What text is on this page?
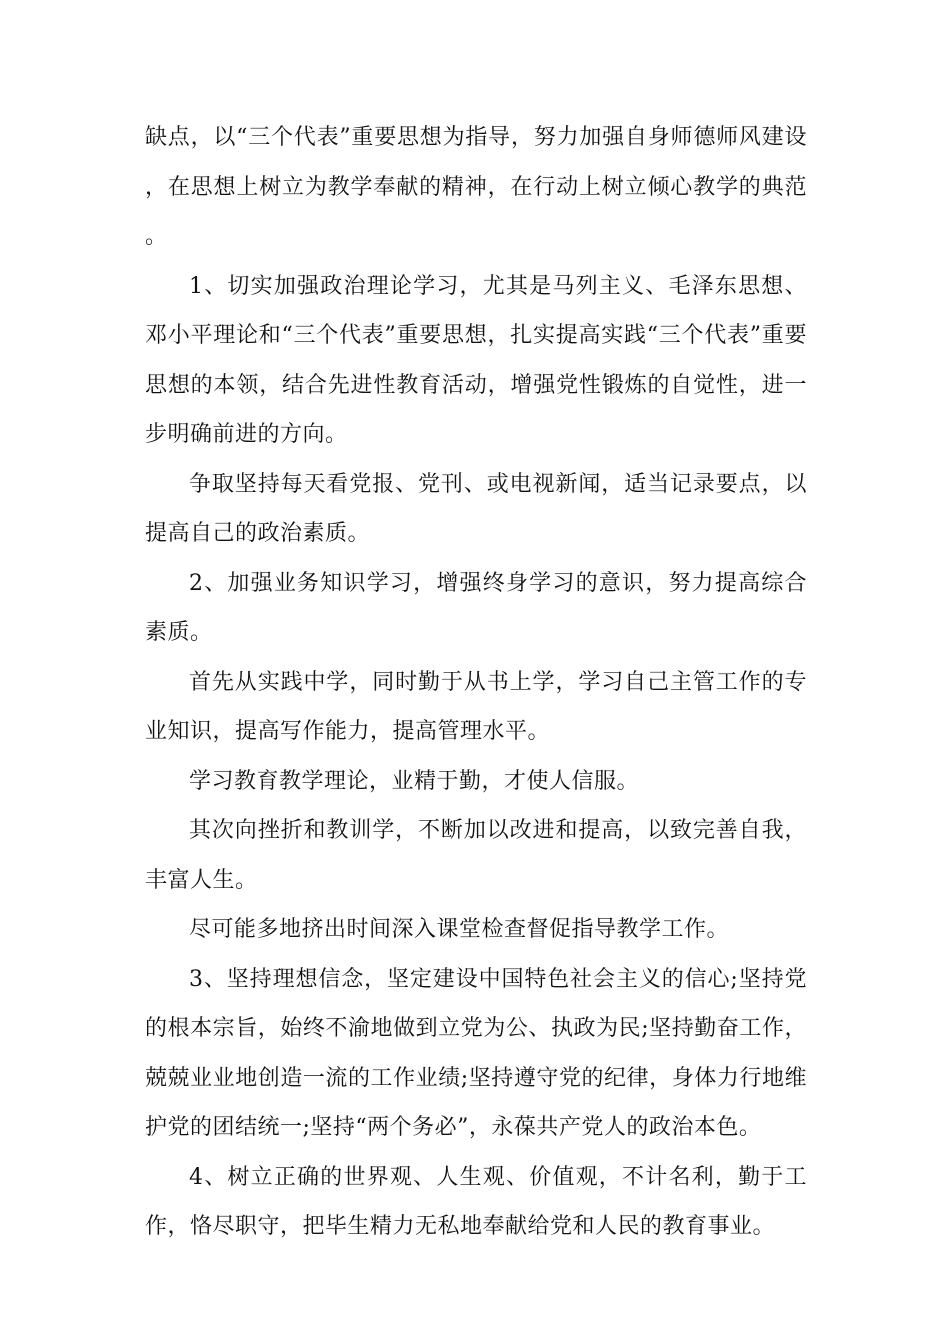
缺点，以“三个代表”重要思想为指导，努力加强自身师德师风建设，在思想上树立为教学奉献的精神，在行动上树立倾心教学的典范。

1、切实加强政治理论学习，尤其是马列主义、毛泽东思想、邓小平理论和“三个代表”重要思想，扎实提高实践“三个代表”重要思想的本领，结合先进性教育活动，增强党性锻炼的自觉性，进一步明确前进的方向。

争取坚持每天看党报、党刊、或电视新闻，适当记录要点，以提高自己的政治素质。

2、加强业务知识学习，增强终身学习的意识，努力提高综合素质。

首先从实践中学，同时勤于从书上学，学习自己主管工作的专业知识，提高写作能力，提高管理水平。

学习教育教学理论，业精于勤，才使人信服。

其次向挫折和教训学，不断加以改进和提高，以致完善自我，丰富人生。

尽可能多地挤出时间深入课堂检查督促指导教学工作。

3、坚持理想信念，坚定建设中国特色社会主义的信心;坚持党的根本宗旨，始终不渝地做到立党为公、执政为民;坚持勤奋工作，兢兢业业地创造一流的工作业绩;坚持遵守党的纪律，身体力行地维护党的团结统一;坚持“两个务必”，永葆共产党人的政治本色。

4、树立正确的世界观、人生观、价值观，不计名利，勤于工作，恪尽职守，把毕生精力无私地奉献给党和人民的教育事业。
